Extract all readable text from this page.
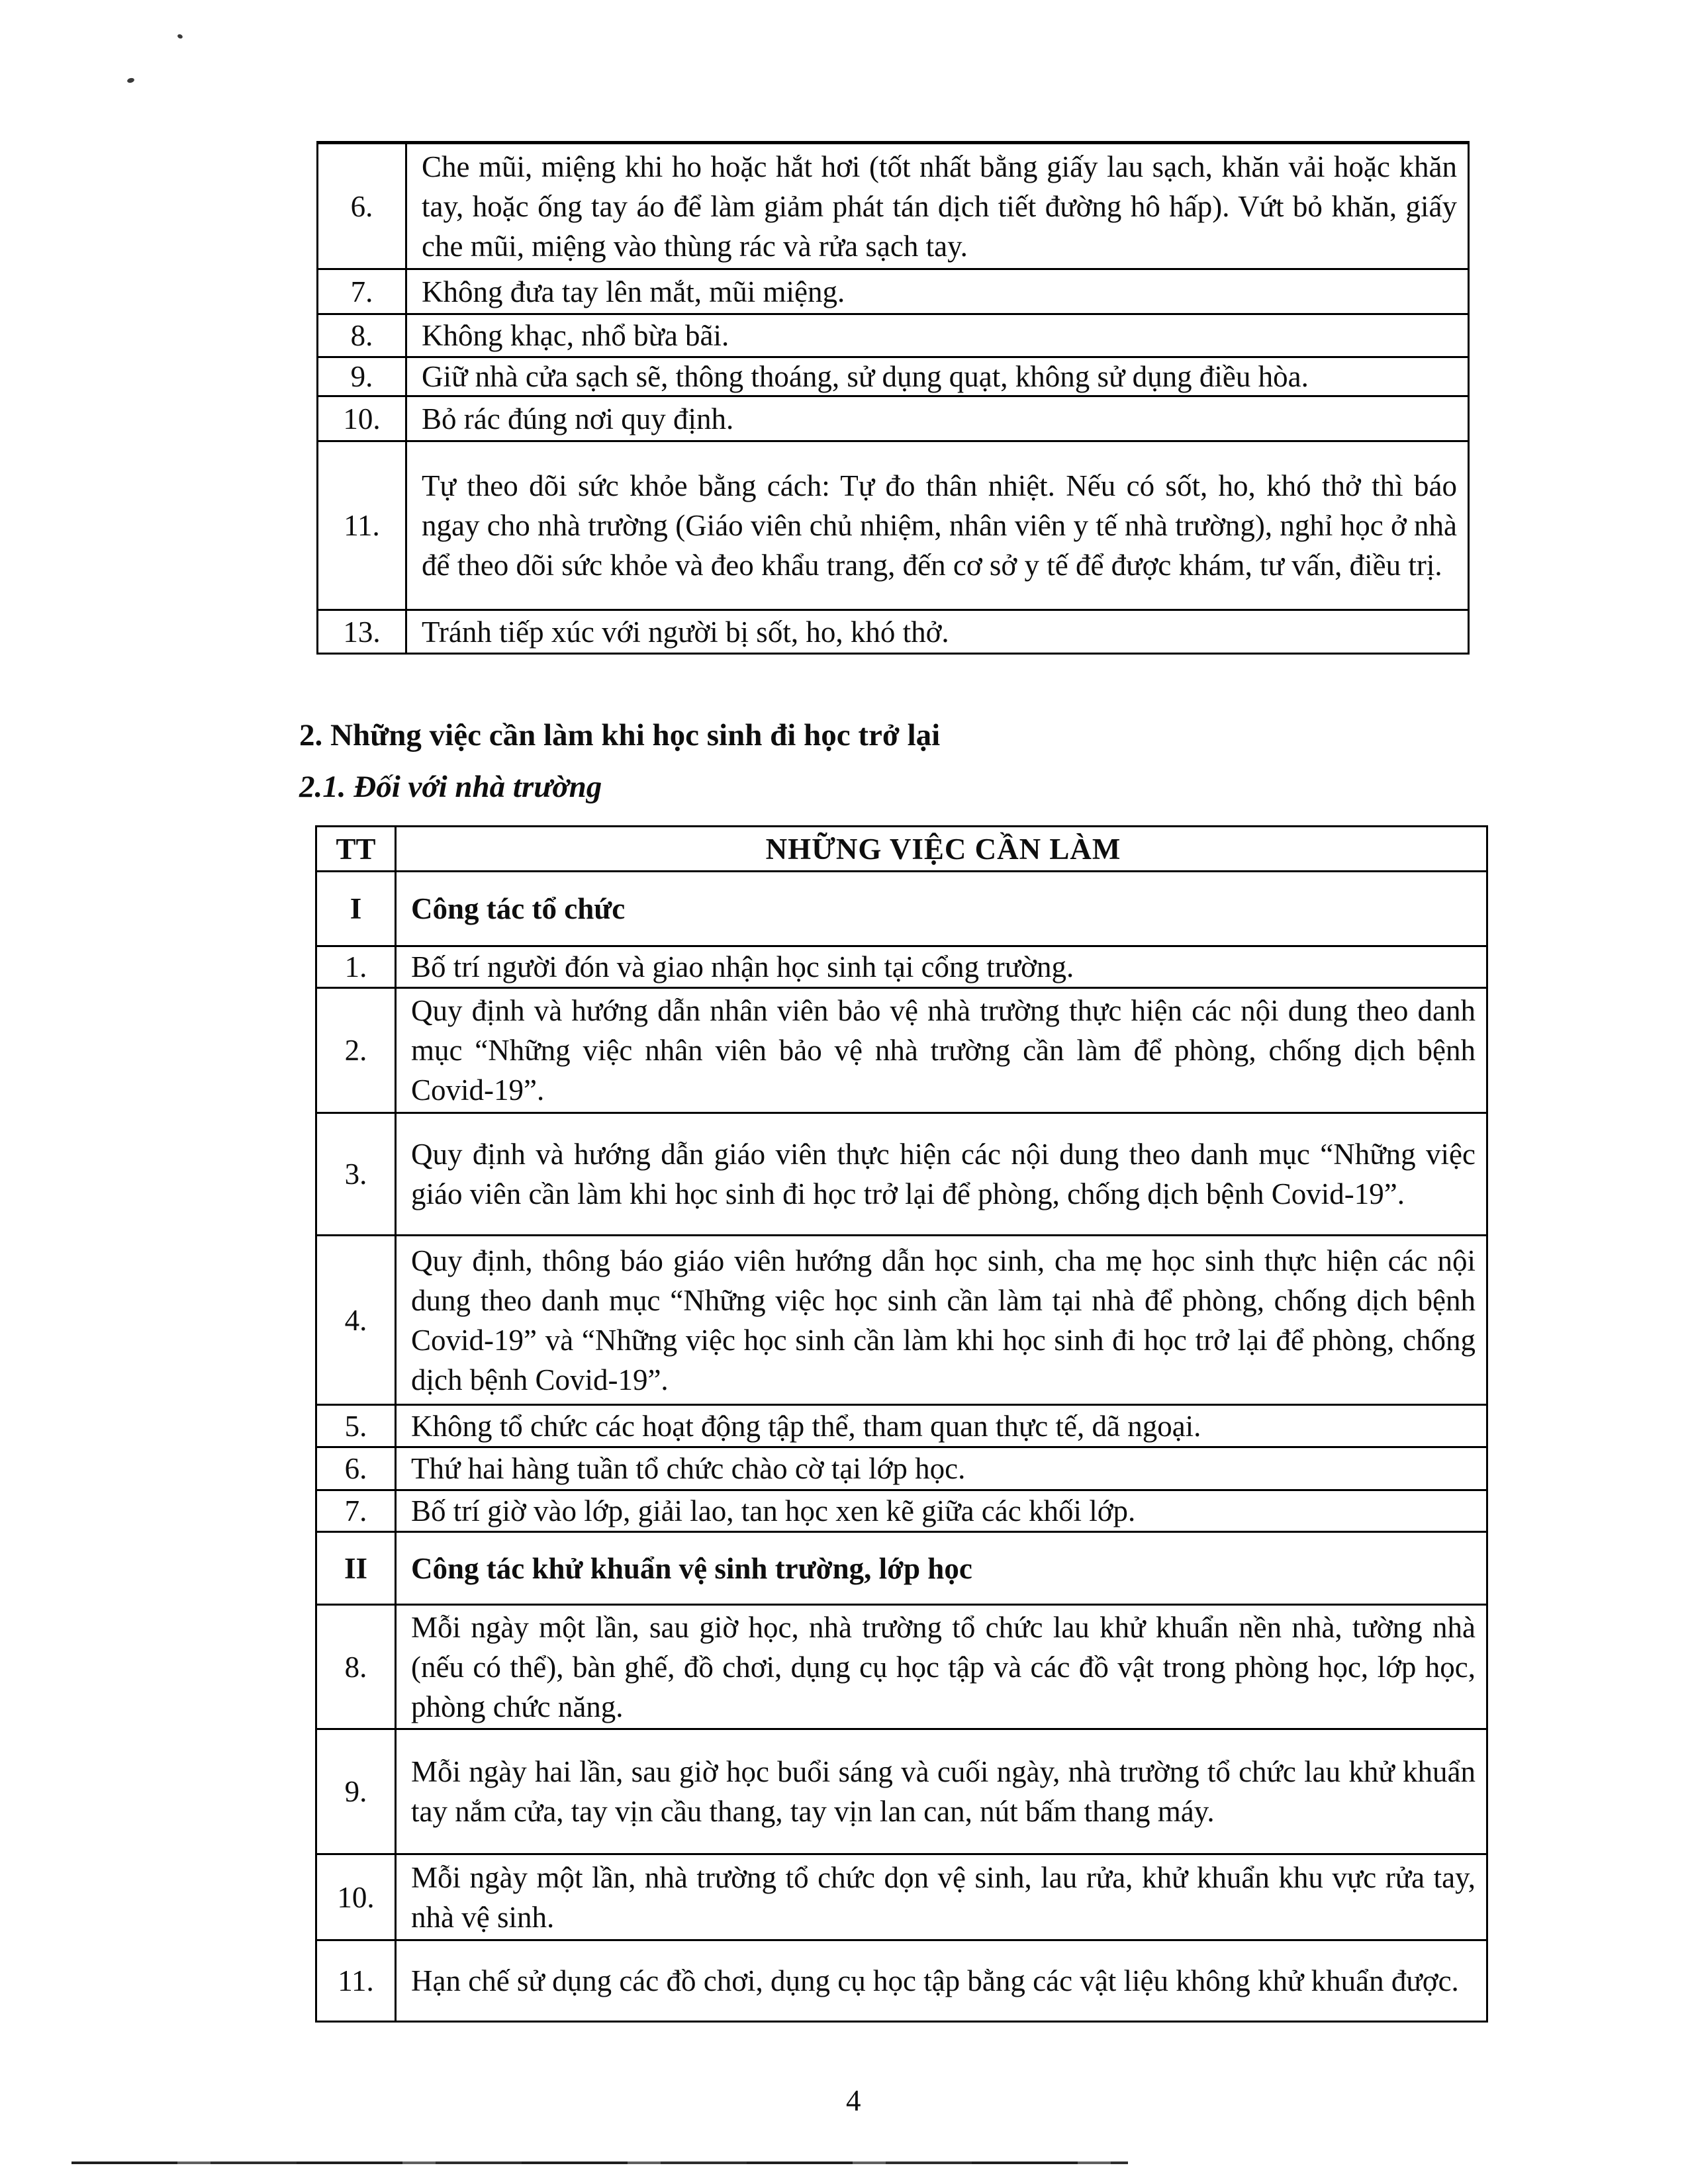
6.
Che mũi, miệng khi ho hoặc hắt hơi (tốt nhất bằng giấy lau sạch, khăn vải hoặc khăn tay, hoặc ống tay áo để làm giảm phát tán dịch tiết đường hô hấp). Vứt bỏ khăn, giấy che mũi, miệng vào thùng rác và rửa sạch tay.
7. Không đưa tay lên mắt, mũi miệng.
8. Không khạc, nhổ bừa bãi.
9. Giữ nhà cửa sạch sẽ, thông thoáng, sử dụng quạt, không sử dụng điều hòa.
10. Bỏ rác đúng nơi quy định.
11.
Tự theo dõi sức khỏe bằng cách: Tự đo thân nhiệt. Nếu có sốt, ho, khó thở thì báo ngay cho nhà trường (Giáo viên chủ nhiệm, nhân viên y tế nhà trường), nghỉ học ở nhà để theo dõi sức khỏe và đeo khẩu trang, đến cơ sở y tế để được khám, tư vấn, điều trị.
13. Tránh tiếp xúc với người bị sốt, ho, khó thở.
2. Những việc cần làm khi học sinh đi học trở lại
2.1. Đối với nhà trường
TT	NHỮNG VIỆC CẦN LÀM
I Công tác tổ chức
1. Bố trí người đón và giao nhận học sinh tại cổng trường.
2.
Quy định và hướng dẫn nhân viên bảo vệ nhà trường thực hiện các nội dung theo danh mục “Những việc nhân viên bảo vệ nhà trường cần làm để phòng, chống dịch bệnh Covid-19”.
3.
Quy định và hướng dẫn giáo viên thực hiện các nội dung theo danh mục “Những việc giáo viên cần làm khi học sinh đi học trở lại để phòng, chống dịch bệnh Covid-19”.
4.
Quy định, thông báo giáo viên hướng dẫn học sinh, cha mẹ học sinh thực hiện các nội dung theo danh mục “Những việc học sinh cần làm tại nhà để phòng, chống dịch bệnh Covid-19” và “Những việc học sinh cần làm khi học sinh đi học trở lại để phòng, chống dịch bệnh Covid-19”.
5. Không tổ chức các hoạt động tập thể, tham quan thực tế, dã ngoại.
6. Thứ hai hàng tuần tổ chức chào cờ tại lớp học.
7. Bố trí giờ vào lớp, giải lao, tan học xen kẽ giữa các khối lớp.
II Công tác khử khuẩn vệ sinh trường, lớp học
8.
Mỗi ngày một lần, sau giờ học, nhà trường tổ chức lau khử khuẩn nền nhà, tường nhà (nếu có thể), bàn ghế, đồ chơi, dụng cụ học tập và các đồ vật trong phòng học, lớp học, phòng chức năng.
9.
Mỗi ngày hai lần, sau giờ học buổi sáng và cuối ngày, nhà trường tổ chức lau khử khuẩn tay nắm cửa, tay vịn cầu thang, tay vịn lan can, nút bấm thang máy.
10.
Mỗi ngày một lần, nhà trường tổ chức dọn vệ sinh, lau rửa, khử khuẩn khu vực rửa tay, nhà vệ sinh.
11. Hạn chế sử dụng các đồ chơi, dụng cụ học tập bằng các vật liệu không khử khuẩn được.
4
